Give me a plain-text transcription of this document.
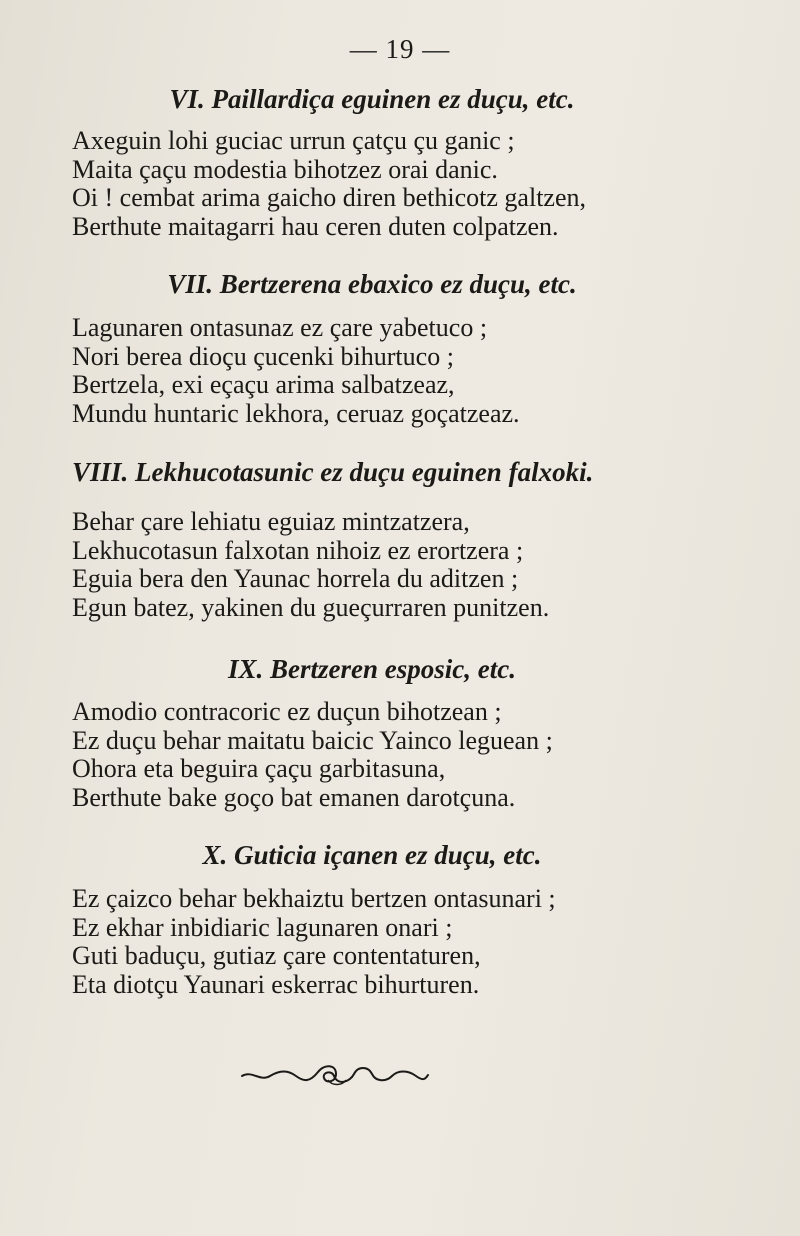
— 19 —
VI. Paillardiça eguinen ez duçu, etc.
Axeguin lohi guciac urrun çatçu çu ganic ;
Maita çaçu modestia bihotzez orai danic.
Oi ! cembat arima gaicho diren bethicotz galtzen,
Berthute maitagarri hau ceren duten colpatzen.
VII. Bertzerena ebaxico ez duçu, etc.
Lagunaren ontasunaz ez çare yabetuco ;
Nori berea dioçu çucenki bihurtuco ;
Bertzela, exi eçaçu arima salbatzeaz,
Mundu huntaric lekhora, ceruaz goçatzeaz.
VIII. Lekhucotasunic ez duçu eguinen falxoki.
Behar çare lehiatu eguiaz mintzatzera,
Lekhucotasun falxotan nihoiz ez erortzera ;
Eguia bera den Yaunac horrela du aditzen ;
Egun batez, yakinen du gueçurraren punitzen.
IX. Bertzeren esposic, etc.
Amodio contracoric ez duçun bihotzean ;
Ez duçu behar maitatu baicic Yainco leguean ;
Ohora eta beguira çaçu garbitasuna,
Berthute bake goço bat emanen darotçuna.
X. Guticia içanen ez duçu, etc.
Ez çaizco behar bekhaiztu bertzen ontasunari ;
Ez ekhar inbidiaric lagunaren onari ;
Guti baduçu, gutiaz çare contentaturen,
Eta diotçu Yaunari eskerrac bihurturen.
